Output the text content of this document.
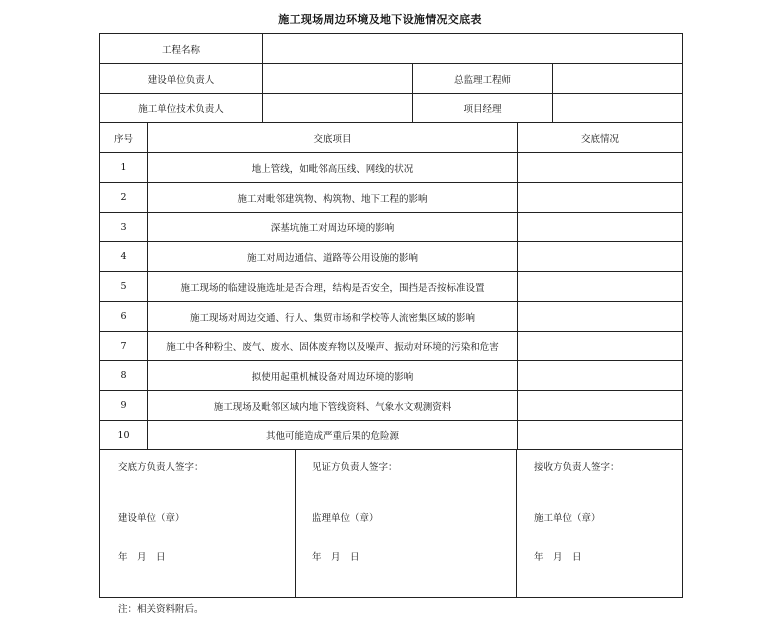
施工现场周边环境及地下设施情况交底表
工程名称
建设单位负责人	总监理工程师
施工单位技术负责人	项目经理
序号	交底项目	交底情况
1	地上管线，如毗邻高压线、网线的状况
2	施工对毗邻建筑物、构筑物、地下工程的影响
3	深基坑施工对周边环境的影响
4	施工对周边通信、道路等公用设施的影响
5	施工现场的临建设施选址是否合理，结构是否安全，围挡是否按标准设置
6	施工现场对周边交通、行人、集贸市场和学校等人流密集区域的影响
7	施工中各种粉尘、废气、废水、固体废弃物以及噪声、振动对环境的污染和危害
8	拟使用起重机械设备对周边环境的影响
9	施工现场及毗邻区域内地下管线资料、气象水文观测资料
10	其他可能造成严重后果的危险源
交底方负责人签字：
建设单位（章）
年　月　日
见证方负责人签字：
监理单位（章）
年　月　日
接收方负责人签字：
施工单位（章）
年　月　日
注：相关资料附后。
